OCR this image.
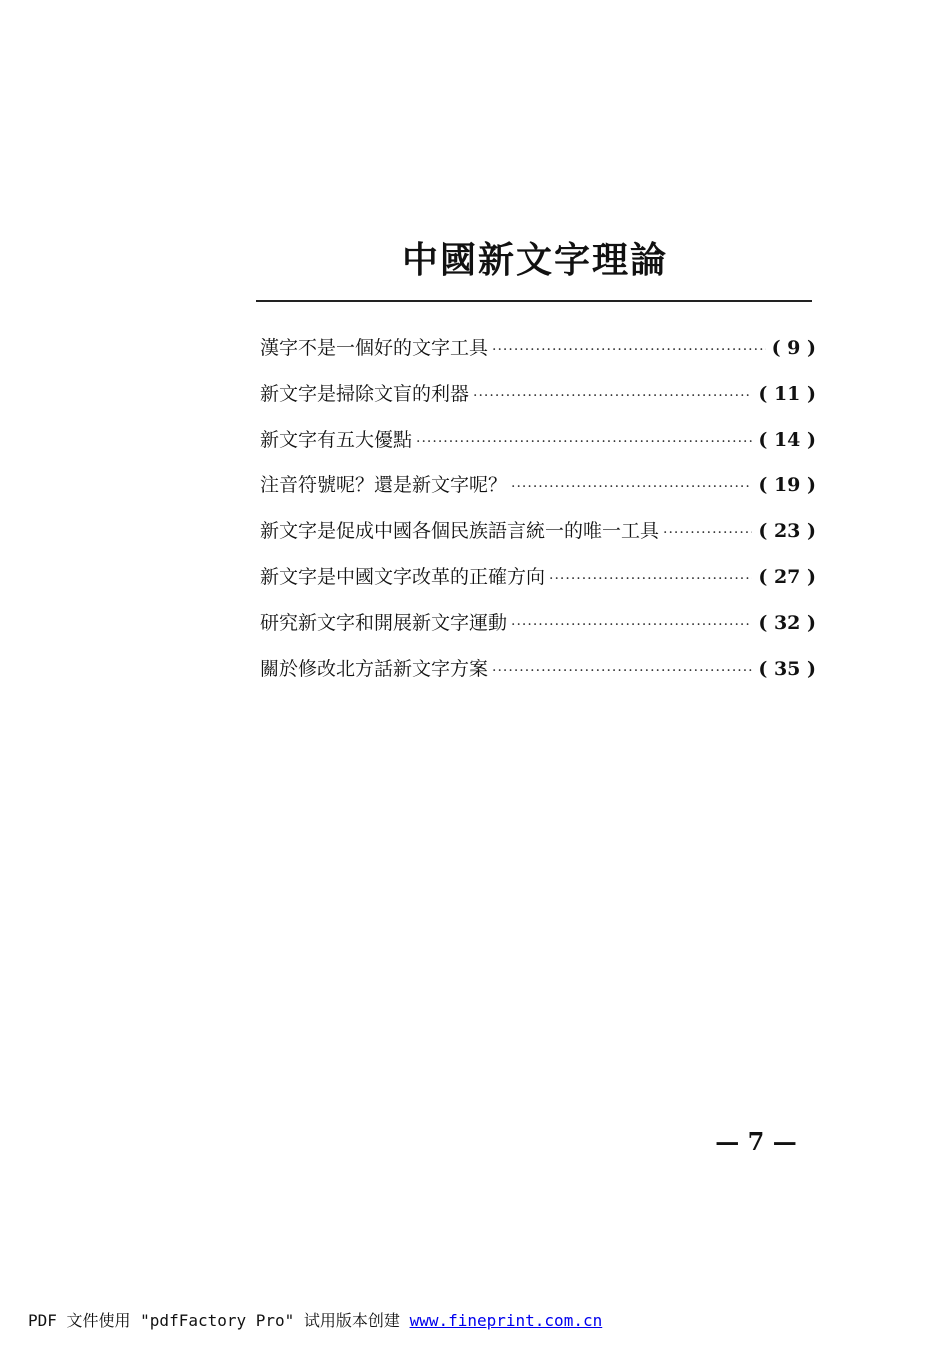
中國新文字理論
漢字不是一個好的文字工具 ·····	( 9 )
新文字是掃除文盲的利器 ·····	( 11 )
新文字有五大優點 ·····	( 14 )
注音符號呢？還是新文字呢？ ·····	( 19 )
新文字是促成中國各個民族語言統一的唯一工具 ·····	( 23 )
新文字是中國文字改革的正確方向 ·····	( 27 )
研究新文字和開展新文字運動 ·····	( 32 )
關於修改北方話新文字方案 ·····	( 35 )
— 7 —
PDF 文件使用 "pdfFactory Pro" 试用版本创建 www.fineprint.com.cn
